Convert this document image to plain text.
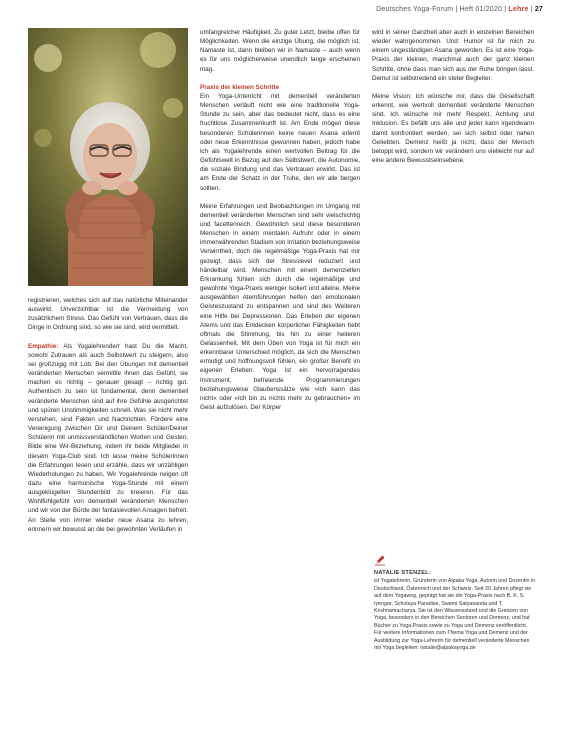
Deutsches Yoga-Forum | Heft 01/2020 | Lehre | 27

registrieren, welches sich auf das natürliche Miteinander auswirkt. Unverzichtbar ist die Vermeidung von zusätzlichem Stress. Das Gefühl von Vertrauen, dass die Dinge in Ordnung sind, so wie sie sind, wird vermittelt.

Empathie: Als Yogalehrende/r hast Du die Macht, sowohl Zutrauen als auch Selbstwert zu steigern, also sei großzügig mit Lob. Bei den Übungen mit dementiell veränderten Menschen vermittle ihnen das Gefühl, sie machen es richtig – genauer gesagt – richtig gut. Authentisch zu sein ist fundamental, denn dementiell veränderte Menschen sind auf ihre Gefühle ausgerichtet und spüren Unstimmigkeiten schnell. Was sie nicht mehr verstehen, sind Fakten und Nachrichten. Fördere eine Vereinigung zwischen Dir und Deinem Schüler/Deiner Schülerin mit unmissverständlichen Worten und Gesten. Bilde eine Wir-Beziehung, indem ihr beide Mitglieder in diesem Yoga-Club sind. Ich lasse meine Schülerinnen die Erfahrungen lesen und erzähle, dass wir unzähligen Wiederholungen zu haben. Wir Yogalehrende neigen oft dazu eine harmonische Yoga-Stunde mit einem ausgeklügelten Stundenbild zu kreieren. Für das Wohlfühlgefühl von dementiell veränderten Menschen und wir von der Bürde der fantasievollen Ansagen befreit. An Stelle von immer wieder neue Asana zu lehren, erinnern wir bewusst an die bei gewohnten Verläufen in

umfangreicher Häufigkeit. Zu guter Letzt, bleibe offen für Möglichkeiten. Wenn die einzige Übung, die möglich ist, Namaste ist, dann bleiben wir in Namaste – auch wenn es für uns möglicherweise unendlich lange erscheinen mag.

Praxis der kleinen Schritte

Ein Yoga-Unterricht mit dementiell veränderten Menschen verläuft nicht wie eine traditionelle Yoga-Stunde zu sein, aber das bedeutet nicht, dass es eine fruchtlose Zusammenkunft ist. Am Ende mögen diese besonderen Schülerinnen keine neuen Asana erlernt oder neue Erkenntnisse gewonnen haben, jedoch habe ich als Yogalehrende einen wertvollen Beitrag für die Gefühlswelt in Bezug auf den Selbstwert, die Autonomie, die soziale Bindung und das Vertrauen erwirkt. Das ist am Ende der Schatz in der Truhe, den wir alle bergen sollten.

Meine Erfahrungen und Beobachtungen im Umgang mit dementiell veränderten Menschen sind sehr vielschichtig und facettenreich. Gewöhnlich sind diese besonderen Menschen in einem mentalen Aufruhr oder in einem immerwährenden Stadium von Irritation beziehungsweise Verwirrtheit, doch die regelmäßige Yoga-Praxis hat mir gezeigt, dass sich der Stresslevel reduziert und händelbar wird. Menschen mit einem demenziellen Erkrankung fühlen sich durch die regelmäßige und gewohnte Yoga-Praxis weniger isoliert und alleine. Meine ausgewählten Atemführungen helfen den emotionalen Geisteszustand zu entspannen und sind des Weiteren eine Hilfe bei Depressionen. Das Erleben der eigenen Atems und das Entdecken körperlicher Fähigkeiten hebt oftmals die Stimmung, bis hin zu einer heiteren Gelassenheit. Mit dem Üben von Yoga ist für mich ein erkennbarer Unterschied möglich, da sich die Menschen ermutigt und hoffnungsvoll fühlen, ein großer Benefit im eigenen Erleben. Yoga ist ein hervorragendes Instrument, befreiende Programmierungen beziehungsweise Glaubenssätze wie »Ich kann das nicht« oder »Ich bin zu nichts mehr zu gebrauchen« im Geist aufzulösen. Der Körper

wird in seiner Ganzheit aber auch in einzelnen Bereichen wieder wahrgenommen. Und: Humor ist für mich zu einem ungeständigen Asana geworden. Es ist eine Yoga-Praxis der kleinen, manchmal auch der ganz kleinen Schritte, ohne dass man sich aus der Ruhe bringen lässt. Demut ist selbstredend ein steter Begleiter.

Meine Vision: Ich wünsche mir, dass die Gesellschaft erkennt, wie wertvoll dementiell veränderte Menschen sind. Ich wünsche mir mehr Respekt, Achtung und Inklusion. Es befällt uns alle und jeder kann irgendwann damit konfrontiert werden, sei sich selbst oder nahen Geliebten. Demenz heißt ja nicht, dass der Mensch betoppt wird, sondern wir verändern uns vielleicht nur auf eine andere Bewusstseinsebene.

NATALIE STENZEL:
ist Yogalehrerin, Gründerin von Alpaka Yoga, Autorin und Dozentin in Deutschland, Österreich und der Schweiz. Seit 20 Jahren pflegt sie auf dem Yogaweg, geprägt hat sie die Yoga-Praxis nach B. K. S. Iyengar, Scholaya Paradise, Swami Satyananda und T. Krishnamacharya. Sie ist den Wissensstand und die Grenzen von Yoga, besonders in den Bereichen Senioren und Demenz, und hat Bücher zu Yoga-Praxis sowie zu Yoga und Demenz veröffentlicht. Für weitere Informationen zum Thema Yoga und Demenz und der Ausbildung zur Yoga-Lehrerin für dementiell veränderte Menschen mit Yoga begleiten: natalie@alpakayoga.de
